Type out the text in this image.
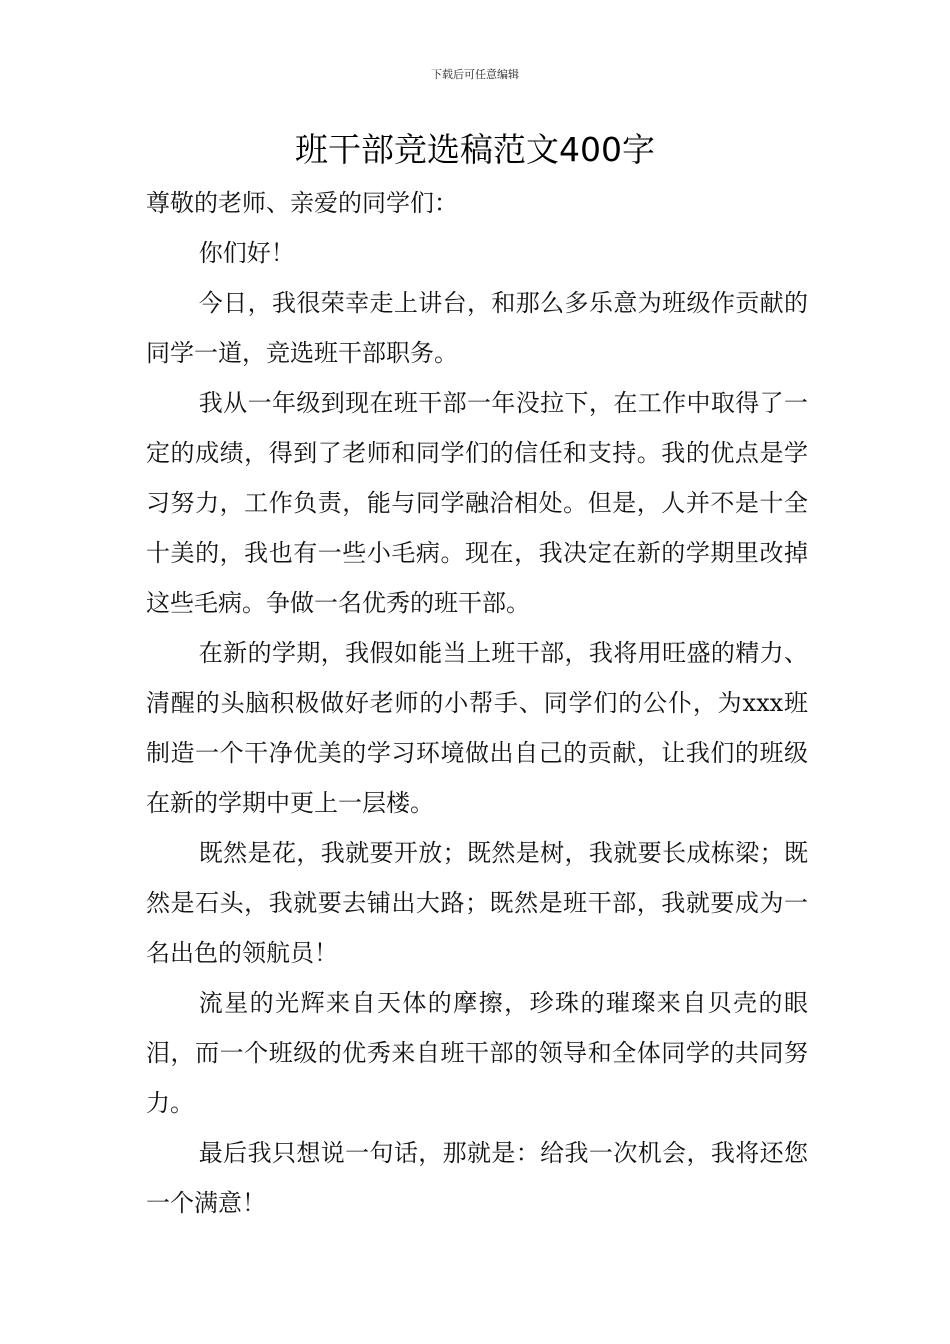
下载后可任意编辑
班干部竞选稿范文400字

尊敬的老师、亲爱的同学们：

你们好！

今日，我很荣幸走上讲台，和那么多乐意为班级作贡献的同学一道，竞选班干部职务。

我从一年级到现在班干部一年没拉下，在工作中取得了一定的成绩，得到了老师和同学们的信任和支持。我的优点是学习努力，工作负责，能与同学融洽相处。但是，人并不是十全十美的，我也有一些小毛病。现在，我决定在新的学期里改掉这些毛病。争做一名优秀的班干部。

在新的学期，我假如能当上班干部，我将用旺盛的精力、清醒的头脑积极做好老师的小帮手、同学们的公仆，为xxx班制造一个干净优美的学习环境做出自己的贡献，让我们的班级在新的学期中更上一层楼。

既然是花，我就要开放；既然是树，我就要长成栋梁；既然是石头，我就要去铺出大路；既然是班干部，我就要成为一名出色的领航员！

流星的光辉来自天体的摩擦，珍珠的璀璨来自贝壳的眼泪，而一个班级的优秀来自班干部的领导和全体同学的共同努力。

最后我只想说一句话，那就是：给我一次机会，我将还您一个满意！
